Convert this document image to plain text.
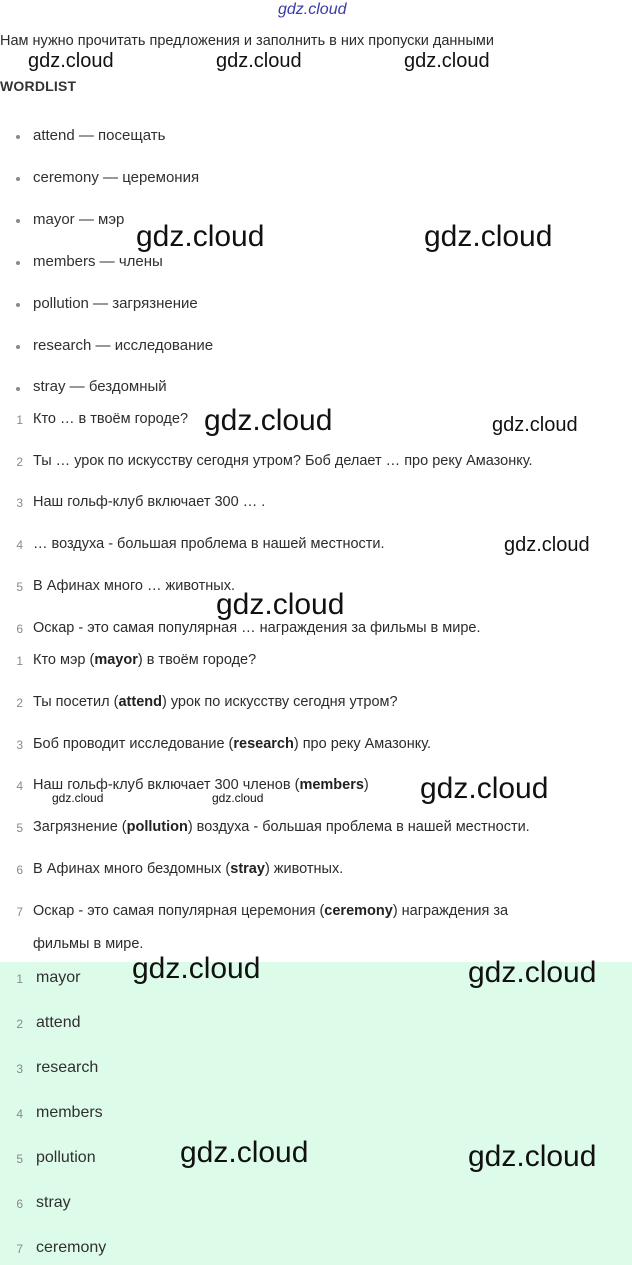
gdz.cloud
Нам нужно прочитать предложения и заполнить в них пропуски данными
WORDLIST
attend — посещать
ceremony — церемония
mayor — мэр
members — члены
pollution — загрязнение
research — исследование
stray — бездомный
1 Кто … в твоём городе?
2 Ты … урок по искусству сегодня утром? Боб делает … про реку Амазонку.
3 Наш гольф-клуб включает 300 … .
4 … воздуха - большая проблема в нашей местности.
5 В Афинах много … животных.
6 Оскар - это самая популярная … награждения за фильмы в мире.
1 Кто мэр (mayor) в твоём городе?
2 Ты посетил (attend) урок по искусству сегодня утром?
3 Боб проводит исследование (research) про реку Амазонку.
4 Наш гольф-клуб включает 300 членов (members)
5 Загрязнение (pollution) воздуха - большая проблема в нашей местности.
6 В Афинах много бездомных (stray) животных.
7 Оскар - это самая популярная церемония (ceremony) награждения за
фильмы в мире.
1 mayor
2 attend
3 research
4 members
5 pollution
6 stray
7 ceremony
gdz.cloud	gdz.cloud	gdz.cloud
gdz.cloud	gdz.cloud
gdz.cloud	gdz.cloud
gdz.cloud
gdz.cloud
gdz.cloud
gdz.cloud	gdz.cloud
gdz.cloud	gdz.cloud
gdz.cloud	gdz.cloud
